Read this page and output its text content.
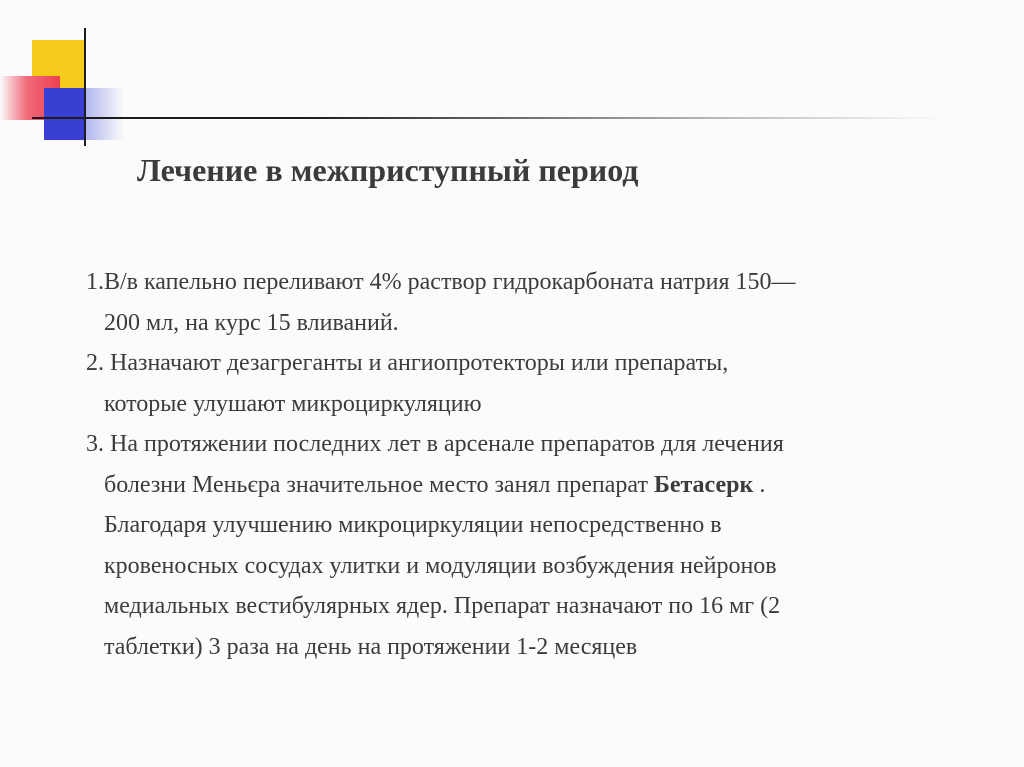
Лечение в межприступный период

1.В/в капельно переливают 4% раствор гидрокарбоната натрия 150—
200 мл, на курс 15 вливаний.

2. Назначают дезагреганты и ангиопротекторы или препараты,
которые улушают микроциркуляцию

3. На протяжении последних лет в арсенале препаратов для лечения
болезни Меньєра значительное место занял препарат Бетасерк .
Благодаря улучшению микроциркуляции непосредственно в
кровеносных сосудах улитки и модуляции возбуждения нейронов
медиальных вестибулярных ядер. Препарат назначают по 16 мг (2
таблетки) 3 раза на день на протяжении 1-2 месяцев
